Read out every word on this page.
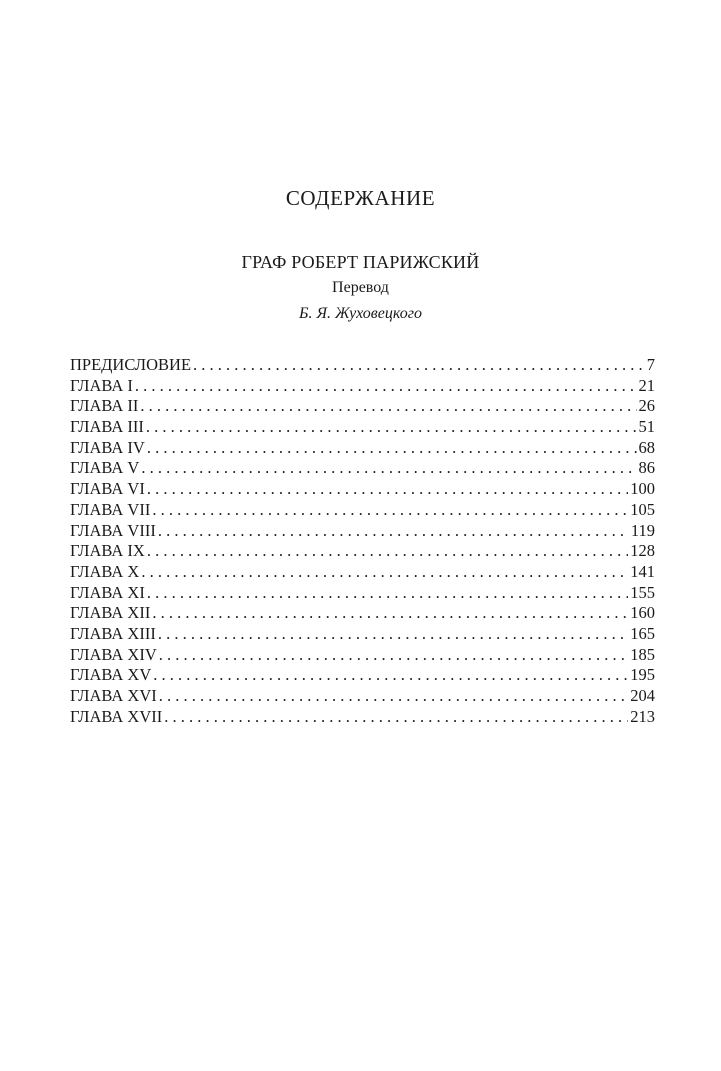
СОДЕРЖАНИЕ
ГРАФ РОБЕРТ ПАРИЖСКИЙ
Перевод
Б. Я. Жуховецкого
ПРЕДИСЛОВИЕ . . .	7
ГЛАВА I . . .	21
ГЛАВА II . . .	26
ГЛАВА III . . .	51
ГЛАВА IV . . .	68
ГЛАВА V . . .	86
ГЛАВА VI . . .	100
ГЛАВА VII . . .	105
ГЛАВА VIII . . .	119
ГЛАВА IX . . .	128
ГЛАВА X . . .	141
ГЛАВА XI . . .	155
ГЛАВА XII . . .	160
ГЛАВА XIII . . .	165
ГЛАВА XIV . . .	185
ГЛАВА XV . . .	195
ГЛАВА XVI . . .	204
ГЛАВА XVII . . .	213
